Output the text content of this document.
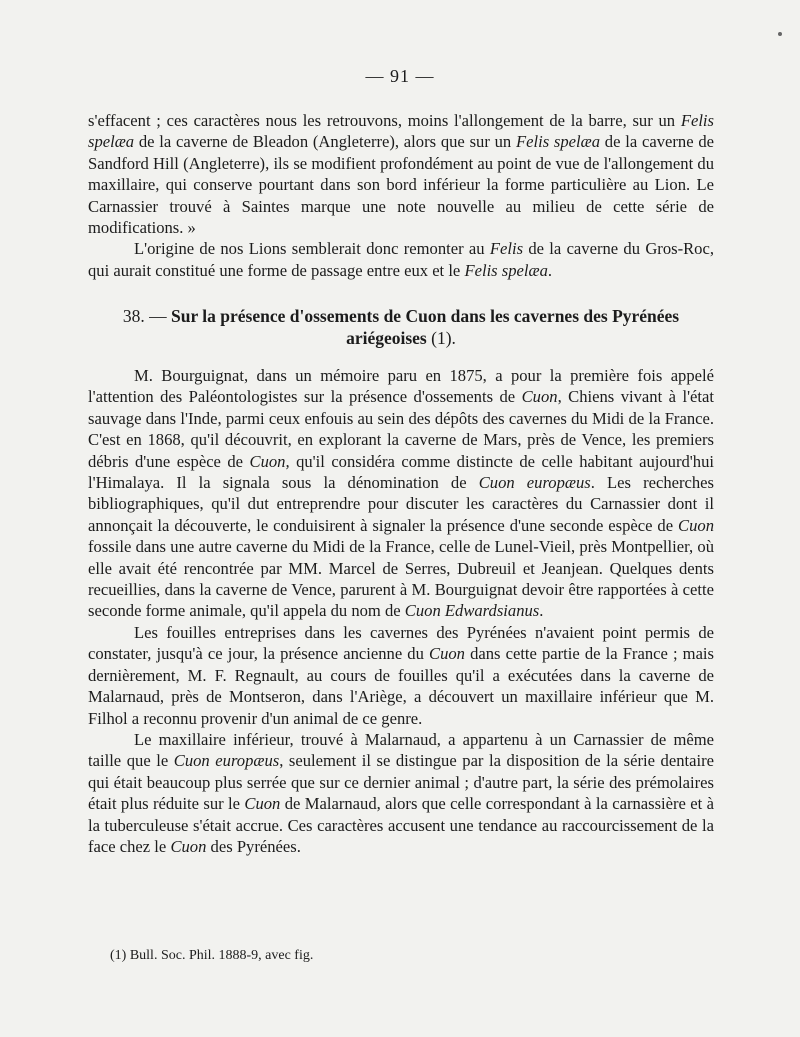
— 91 —

s'effacent ; ces caractères nous les retrouvons, moins l'allongement de la barre, sur un Felis spelæa de la caverne de Bleadon (Angleterre), alors que sur un Felis spelæa de la caverne de Sandford Hill (Angleterre), ils se modifient profondément au point de vue de l'allongement du maxillaire, qui conserve pourtant dans son bord inférieur la forme particulière au Lion. Le Carnassier trouvé à Saintes marque une note nouvelle au milieu de cette série de modifications. »

L'origine de nos Lions semblerait donc remonter au Felis de la caverne du Gros-Roc, qui aurait constitué une forme de passage entre eux et le Felis spelæa.

38. — Sur la présence d'ossements de Cuon dans les cavernes des Pyrénées ariégeoises (1).

M. Bourguignat, dans un mémoire paru en 1875, a pour la première fois appelé l'attention des Paléontologistes sur la présence d'ossements de Cuon, Chiens vivant à l'état sauvage dans l'Inde, parmi ceux enfouis au sein des dépôts des cavernes du Midi de la France. C'est en 1868, qu'il découvrit, en explorant la caverne de Mars, près de Vence, les premiers débris d'une espèce de Cuon, qu'il considéra comme distincte de celle habitant aujourd'hui l'Himalaya. Il la signala sous la dénomination de Cuon europæus. Les recherches bibliographiques, qu'il dut entreprendre pour discuter les caractères du Carnassier dont il annonçait la découverte, le conduisirent à signaler la présence d'une seconde espèce de Cuon fossile dans une autre caverne du Midi de la France, celle de Lunel-Vieil, près Montpellier, où elle avait été rencontrée par MM. Marcel de Serres, Dubreuil et Jeanjean. Quelques dents recueillies, dans la caverne de Vence, parurent à M. Bourguignat devoir être rapportées à cette seconde forme animale, qu'il appela du nom de Cuon Edwardsianus.

Les fouilles entreprises dans les cavernes des Pyrénées n'avaient point permis de constater, jusqu'à ce jour, la présence ancienne du Cuon dans cette partie de la France ; mais dernièrement, M. F. Regnault, au cours de fouilles qu'il a exécutées dans la caverne de Malarnaud, près de Montseron, dans l'Ariège, a découvert un maxillaire inférieur que M. Filhol a reconnu provenir d'un animal de ce genre.

Le maxillaire inférieur, trouvé à Malarnaud, a appartenu à un Carnassier de même taille que le Cuon europæus, seulement il se distingue par la disposition de la série dentaire qui était beaucoup plus serrée que sur ce dernier animal ; d'autre part, la série des prémolaires était plus réduite sur le Cuon de Malarnaud, alors que celle correspondant à la carnassière et à la tuberculeuse s'était accrue. Ces caractères accusent une tendance au raccourcissement de la face chez le Cuon des Pyrénées.

(1) Bull. Soc. Phil. 1888-9, avec fig.
